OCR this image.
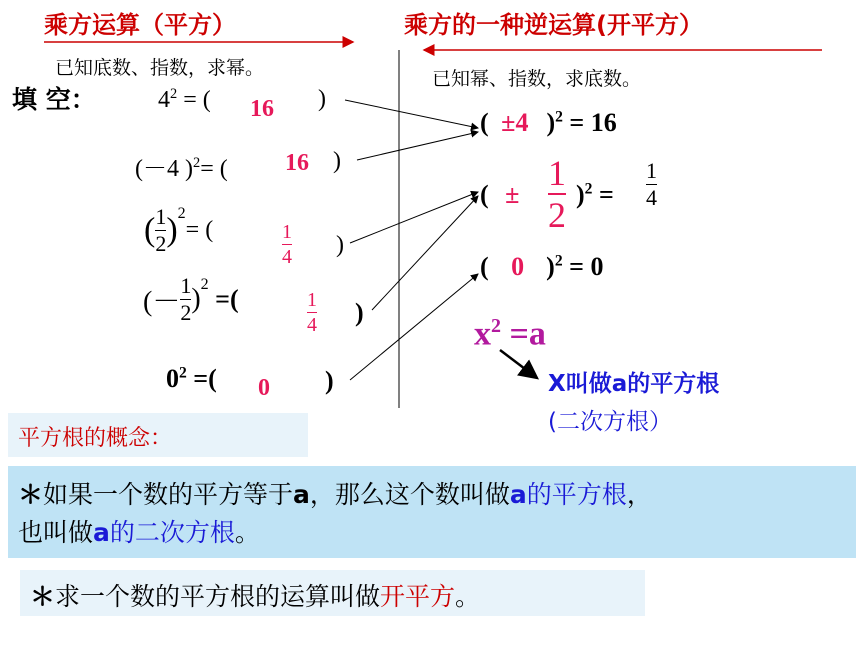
乘方运算（平方）
已知底数、指数，求幂。
乘方的一种逆运算(开平方）
已知幂、指数，求底数。
填 空：	$4^2$ = ( 16 )
(－4 )$^2$= ( 16 )
( $\frac{1}{2} )^2=$ (	$\frac{1}{4}$ )
(－ $\frac{1}{2} )^2$ =(	$\frac{1}{4}$ )
$0^2$ =( 0 )
( ±4 )$^2$ = 16
( ± $\frac{1}{2} )^2 = \frac{1}{4}$
( 0 )$^2$ = 0
$x^2 =a$
X叫做a的平方根
(二次方根）
平方根的概念：
＊如果一个数的平方等于a，那么这个数叫做a的平方根，
也叫做a的二次方根。
＊求一个数的平方根的运算叫做开平方。
